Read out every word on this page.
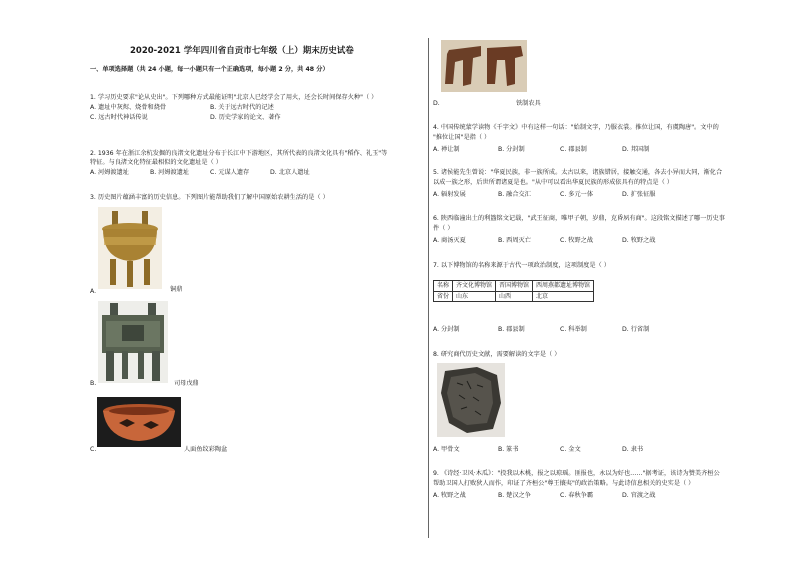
2020-2021 学年四川省自贡市七年级（上）期末历史试卷
一、单项选择题（共 24 小题，每一小题只有一个正确选项，每小题 2 分，共 48 分）
1. 学习历史要求"论从史出"。下列哪种方式最能证明"北京人已经学会了用火，还会长时间保存火种"（ ）
A. 遗址中灰烬、烧骨和烧骨	B. 关于远古时代的记述
C. 远古时代神话传说	D. 历史学家的论文、著作
2. 1936 年在浙江余杭发掘的良渚文化遗址分布于长江中下游地区，其所代表的良渚文化具有"稻作、礼玉"等
特征。与良渚文化特征最相似的文化遗址是（ ）
A. 河姆渡遗址	B. 河姆渡遗址	C. 元谋人遗存	D. 北京人遗址
3. 历史图片蕴涵丰富的历史信息。下列图片能帮助我们了解中国原始农耕生活的是（ ）
A.	铜鼎
B.	司母戊鼎
C.	人面鱼纹彩陶盆
D.	铁制农具
4. 中国传统蒙学读物《千字文》中有这样一句话："始制文字，乃服衣裳。推位让国，有虞陶唐"。文中的
"推位让国"是指（ ）
A. 禅让制	B. 分封制	C. 郡县制	D. 邦国制
5. 诸侯能先生曾说："华夏民族，非一族所成。太古以来，诸族错居，接触交通，各去小异而大同，渐化合
以成一族之形，后世所谓诸夏是也。"从中可以看出华夏民族的形成依具有的特点是（ ）
A. 辐射发展	B. 融合交汇	C. 多元一体	D. 扩张征服
6. 陕西临潼出土的利簋铭文记载，"武王征商，唯甲子朝，岁鼎，克昏夙有商"。这段铭文描述了哪一历史事
件（ ）
A. 商汤灭夏	B. 西周灭亡	C. 牧野之战	D. 牧野之战
7. 以下博物馆的名称来源于古代一项政治制度，这项制度是（ ）
名称	齐文化博物馆	晋国博物馆	西周燕都遗址博物馆
省份	山东	山西	北京
A. 分封制	B. 郡县制	C. 科举制	D. 行省制
8. 研究商代历史文献，需要解读的文字是（ ）
A. 甲骨文	B. 篆书	C. 金文	D. 隶书
9. 《诗经·卫风·木瓜》："投我以木桃，报之以琼瑶。匪报也，永以为好也……"据考证，该诗为赞美齐桓公
帮助卫国人打败狄人而作，印证了齐桓公"尊王攘夷"的政治策略。与此诗信息相关的史实是（ ）
A. 牧野之战	B. 楚汉之争	C. 春秋争霸	D. 官渡之战
